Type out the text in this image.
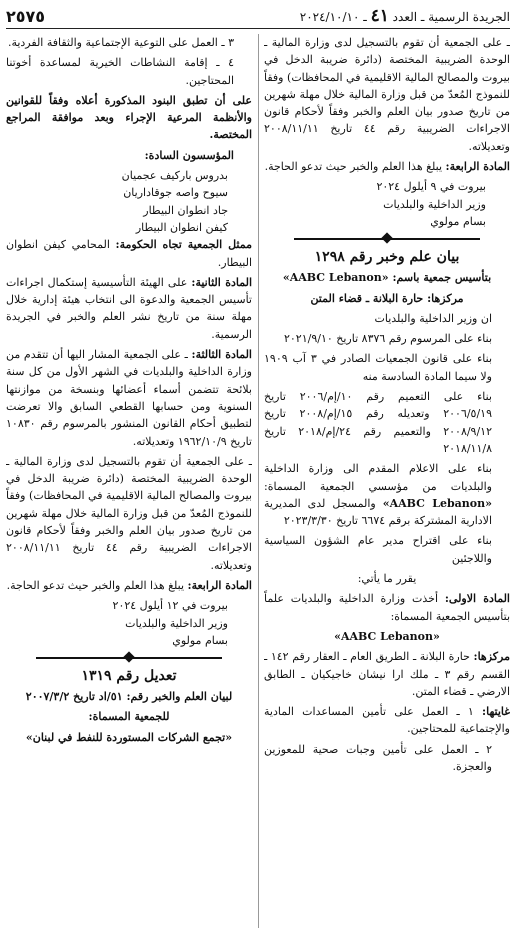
الجريدة الرسمية ـ العدد ٤١ ـ ٢٠٢٤/١٠/١٠
٢٥٧٥

ـ على الجمعية أن تقوم بالتسجيل لدى وزارة المالية ـ الوحدة الضريبية المختصة (دائرة ضريبة الدخل في بيروت والمصالح المالية الاقليمية في المحافظات) وفقاً للنموذج المُعدّ من قبل وزارة المالية خلال مهلة شهرين من تاريخ صدور بيان العلم والخبر وفقاً لأحكام قانون الاجراءات الضريبية رقم ٤٤ تاريخ ٢٠٠٨/١١/١١ وتعديلاته.

المادة الرابعة: يبلغ هذا العلم والخبر حيث تدعو الحاجة.

بيروت في ٩ أيلول ٢٠٢٤

وزير الداخلية والبلديات

بسام مولوي

بيان علم وخبر رقم ١٢٩٨

بتأسيس جمعية باسم: «AABC Lebanon»

مركزها: حارة البلانة ـ قضاء المتن

ان وزير الداخلية والبلديات

بناء على المرسوم رقم ٨٣٧٦ تاريخ ٢٠٢١/٩/١٠

بناء على قانون الجمعيات الصادر في ٣ آب ١٩٠٩ ولا سيما المادة السادسة منه

بناء على التعميم رقم ١٠/إم/٢٠٠٦ تاريخ ٢٠٠٦/٥/١٩ وتعديله رقم ١٥/إم/٢٠٠٨ تاريخ ٢٠٠٨/٩/١٢ والتعميم رقم ٢٤/إم/٢٠١٨ تاريخ ٢٠١٨/١١/٨

بناء على الاعلام المقدم الى وزارة الداخلية والبلديات من مؤسسي الجمعية المسماة: «AABC Lebanon» والمسجل لدى المديرية الادارية المشتركة برقم ٦٦٧٤ تاريخ ٢٠٢٣/٣/٣٠

بناء على اقتراح مدير عام الشؤون السياسية واللاجئين

يقرر ما يأتي:

المادة الاولى: أخذت وزارة الداخلية والبلديات علماً بتأسيس الجمعية المسماة:

«AABC Lebanon»

مركزها: حارة البلانة ـ الطريق العام ـ العقار رقم ١٤٢ ـ القسم رقم ٣ ـ ملك ارا نيشان خاجيكيان ـ الطابق الارضي ـ قضاء المتن.

غايتها: ١ ـ العمل على تأمين المساعدات المادية والإجتماعية للمحتاجين.

٢ ـ العمل على تأمين وجبات صحية للمعوزين والعجزة.

٣ ـ العمل على التوعية الإجتماعية والثقافة الفردية.

٤ ـ إقامة النشاطات الخيرية لمساعدة أخوتنا المحتاجين.

على أن تطبق البنود المذكورة أعلاه وفقاً للقوانين والأنظمة المرعية الإجراء وبعد موافقة المراجع المختصة.

المؤسسون السادة:

بدروس باركيف عجميان

سيوح واصه جوقاداريان

جاد انطوان البيطار

كيفن انطوان البيطار

ممثل الجمعية تجاه الحكومة: المحامي كيفن انطوان البيطار.

المادة الثانية: على الهيئة التأسيسية إستكمال اجراءات تأسيس الجمعية والدعوة الى انتخاب هيئة إدارية خلال مهلة سنة من تاريخ نشر العلم والخبر في الجريدة الرسمية.

المادة الثالثة: ـ على الجمعية المشار اليها أن تتقدم من وزارة الداخلية والبلديات في الشهر الأول من كل سنة بلائحة تتضمن أسماء أعضائها وبنسخة من موازنتها السنوية ومن حسابها القطعي السابق والا تعرضت لتطبيق أحكام القانون المنشور بالمرسوم رقم ١٠٨٣٠ تاريخ ١٩٦٢/١٠/٩ وتعديلاته.

ـ على الجمعية أن تقوم بالتسجيل لدى وزارة المالية ـ الوحدة الضريبية المختصة (دائرة ضريبة الدخل في بيروت والمصالح المالية الاقليمية في المحافظات) وفقاً للنموذج المُعدّ من قبل وزارة المالية خلال مهلة شهرين من تاريخ صدور بيان العلم والخبر وفقاً لأحكام قانون الاجراءات الضريبية رقم ٤٤ تاريخ ٢٠٠٨/١١/١١ وتعديلاته.

المادة الرابعة: يبلغ هذا العلم والخبر حيث تدعو الحاجة.

بيروت في ١٢ أيلول ٢٠٢٤

وزير الداخلية والبلديات

بسام مولوي

تعديل رقم ١٣١٩

لبيان العلم والخبر رقم: ٥١/اد تاريخ ٢٠٠٧/٣/٢

للجمعية المسماة:

«تجمع الشركات المستوردة للنفط في لبنان»
